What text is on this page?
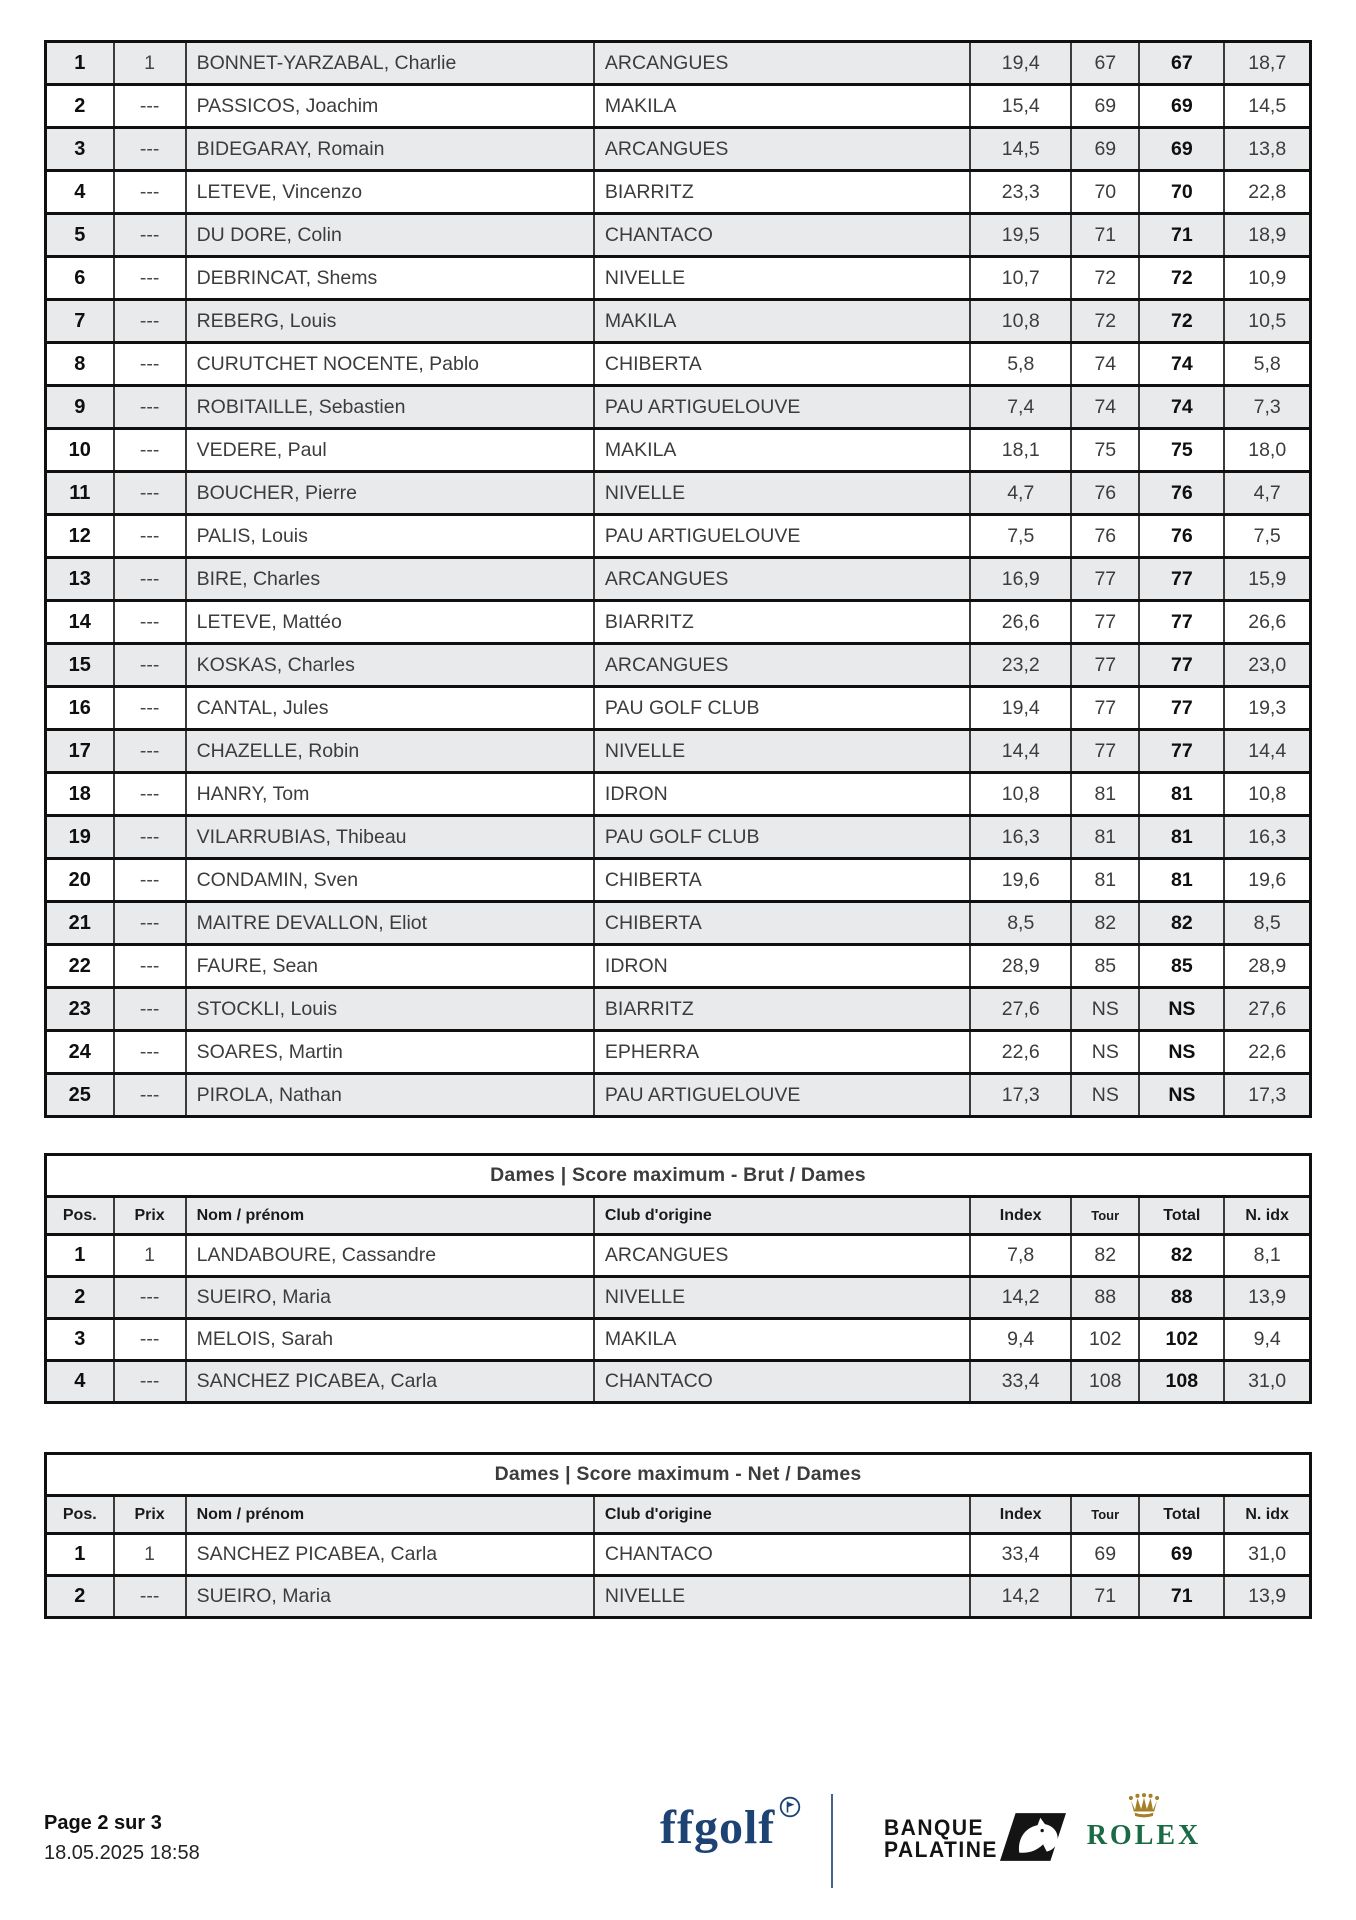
1	1	BONNET-YARZABAL, Charlie	ARCANGUES	19,4	67	67	18,7
2	---	PASSICOS, Joachim	MAKILA	15,4	69	69	14,5
3	---	BIDEGARAY, Romain	ARCANGUES	14,5	69	69	13,8
4	---	LETEVE, Vincenzo	BIARRITZ	23,3	70	70	22,8
5	---	DU DORE, Colin	CHANTACO	19,5	71	71	18,9
6	---	DEBRINCAT, Shems	NIVELLE	10,7	72	72	10,9
7	---	REBERG, Louis	MAKILA	10,8	72	72	10,5
8	---	CURUTCHET NOCENTE, Pablo	CHIBERTA	5,8	74	74	5,8
9	---	ROBITAILLE, Sebastien	PAU ARTIGUELOUVE	7,4	74	74	7,3
10	---	VEDERE, Paul	MAKILA	18,1	75	75	18,0
11	---	BOUCHER, Pierre	NIVELLE	4,7	76	76	4,7
12	---	PALIS, Louis	PAU ARTIGUELOUVE	7,5	76	76	7,5
13	---	BIRE, Charles	ARCANGUES	16,9	77	77	15,9
14	---	LETEVE, Mattéo	BIARRITZ	26,6	77	77	26,6
15	---	KOSKAS, Charles	ARCANGUES	23,2	77	77	23,0
16	---	CANTAL, Jules	PAU GOLF CLUB	19,4	77	77	19,3
17	---	CHAZELLE, Robin	NIVELLE	14,4	77	77	14,4
18	---	HANRY, Tom	IDRON	10,8	81	81	10,8
19	---	VILARRUBIAS, Thibeau	PAU GOLF CLUB	16,3	81	81	16,3
20	---	CONDAMIN, Sven	CHIBERTA	19,6	81	81	19,6
21	---	MAITRE DEVALLON, Eliot	CHIBERTA	8,5	82	82	8,5
22	---	FAURE, Sean	IDRON	28,9	85	85	28,9
23	---	STOCKLI, Louis	BIARRITZ	27,6	NS	NS	27,6
24	---	SOARES, Martin	EPHERRA	22,6	NS	NS	22,6
25	---	PIROLA, Nathan	PAU ARTIGUELOUVE	17,3	NS	NS	17,3
Dames | Score maximum - Brut / Dames							
Pos.	Prix	Nom / prénom	Club d'origine	Index	Tour	Total	N. idx
1	1	LANDABOURE, Cassandre	ARCANGUES	7,8	82	82	8,1
2	---	SUEIRO, Maria	NIVELLE	14,2	88	88	13,9
3	---	MELOIS, Sarah	MAKILA	9,4	102	102	9,4
4	---	SANCHEZ PICABEA, Carla	CHANTACO	33,4	108	108	31,0
Dames | Score maximum - Net / Dames							
Pos.	Prix	Nom / prénom	Club d'origine	Index	Tour	Total	N. idx
1	1	SANCHEZ PICABEA, Carla	CHANTACO	33,4	69	69	31,0
2	---	SUEIRO, Maria	NIVELLE	14,2	71	71	13,9
Page 2 sur 3
18.05.2025 18:58	ffgolf	BANQUE
PALATINE	ROLEX
